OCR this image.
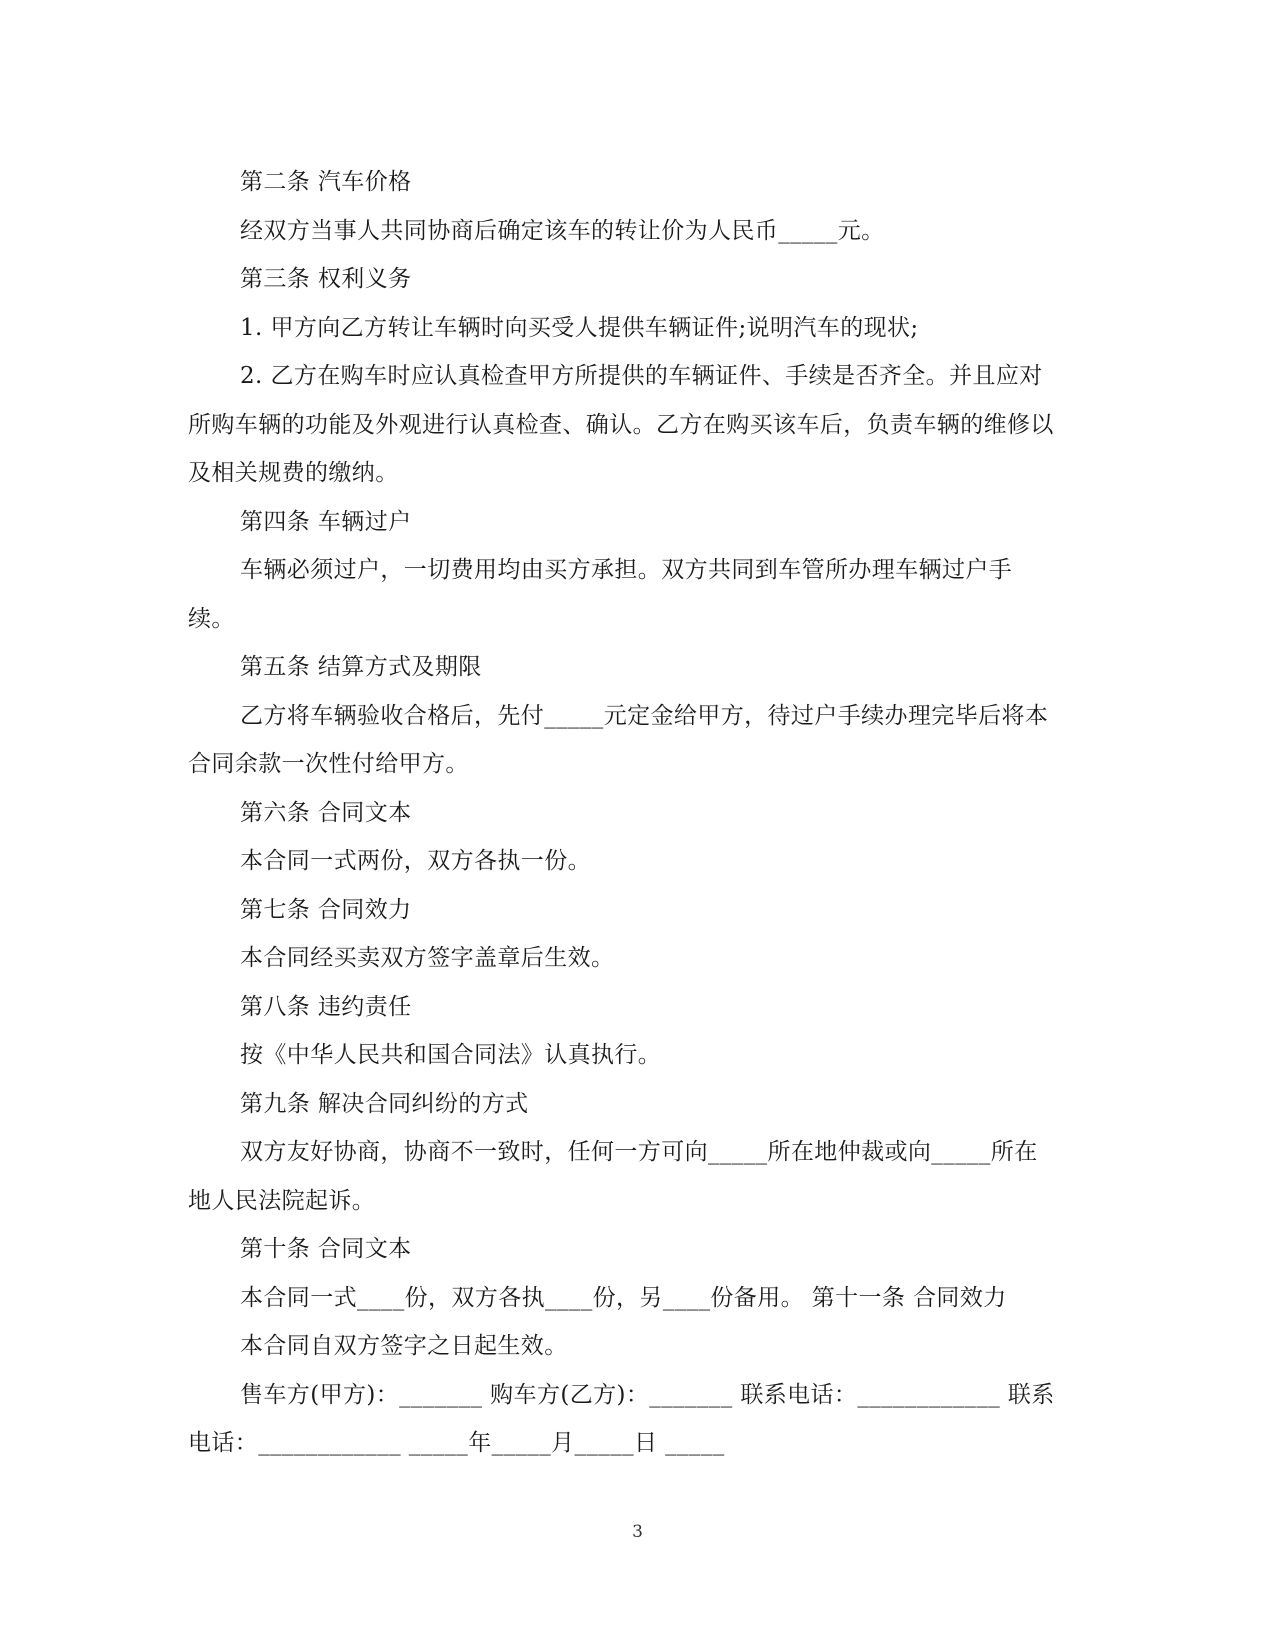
第二条 汽车价格

经双方当事人共同协商后确定该车的转让价为人民币_____元。

第三条 权利义务

1. 甲方向乙方转让车辆时向买受人提供车辆证件;说明汽车的现状;

2. 乙方在购车时应认真检查甲方所提供的车辆证件、手续是否齐全。并且应对所购车辆的功能及外观进行认真检查、确认。乙方在购买该车后，负责车辆的维修以及相关规费的缴纳。

第四条 车辆过户

车辆必须过户，一切费用均由买方承担。双方共同到车管所办理车辆过户手续。

第五条 结算方式及期限

乙方将车辆验收合格后，先付_____元定金给甲方，待过户手续办理完毕后将本合同余款一次性付给甲方。

第六条 合同文本

本合同一式两份，双方各执一份。

第七条 合同效力

本合同经买卖双方签字盖章后生效。

第八条 违约责任

按《中华人民共和国合同法》认真执行。

第九条 解决合同纠纷的方式

双方友好协商，协商不一致时，任何一方可向_____所在地仲裁或向_____所在地人民法院起诉。

第十条 合同文本

本合同一式____份，双方各执____份，另____份备用。 第十一条 合同效力

本合同自双方签字之日起生效。

售车方(甲方)：_______ 购车方(乙方)：_______ 联系电话：____________ 联系电话：____________ _____年_____月_____日 _____

3
